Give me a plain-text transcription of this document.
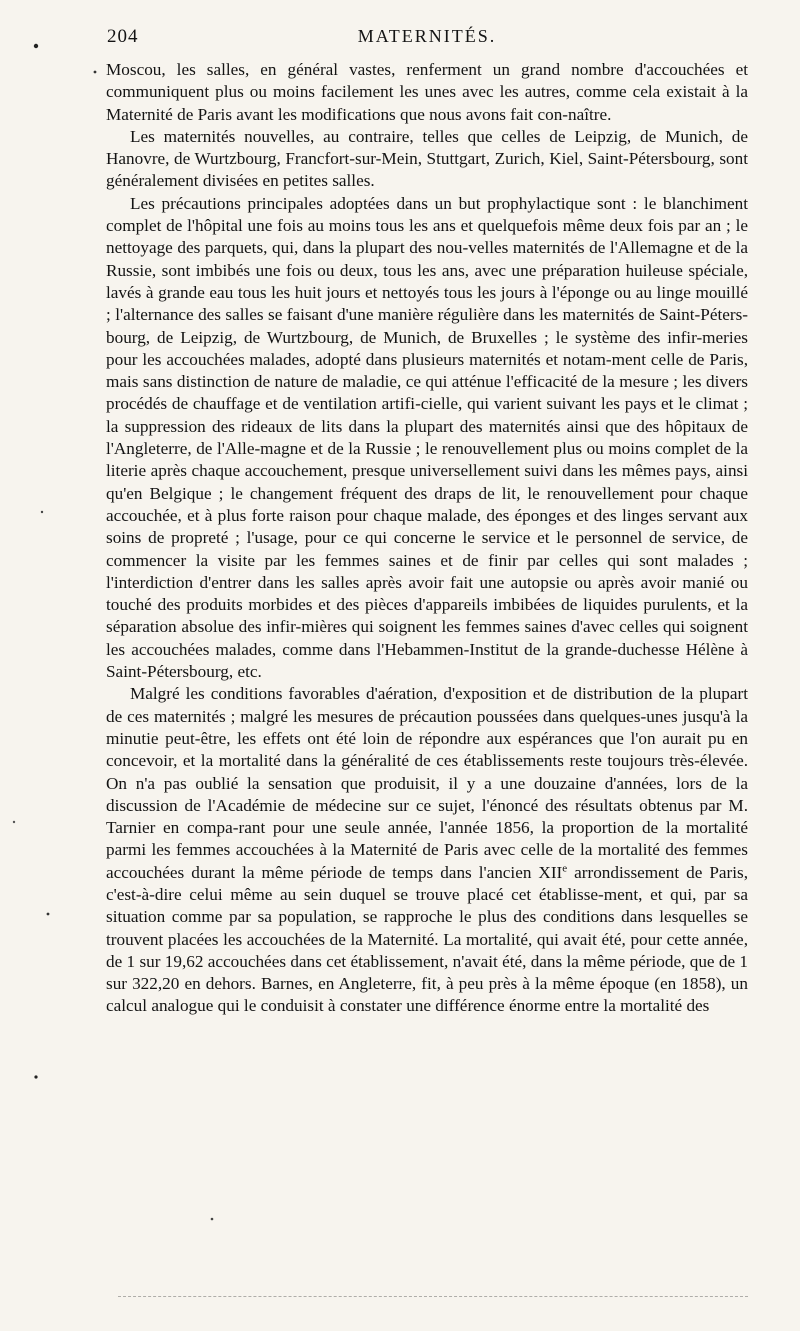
204	MATERNITÉS.

Moscou, les salles, en général vastes, renferment un grand nombre d'accouchées et communiquent plus ou moins facilement les unes avec les autres, comme cela existait à la Maternité de Paris avant les modifications que nous avons fait con-naître.

Les maternités nouvelles, au contraire, telles que celles de Leipzig, de Munich, de Hanovre, de Wurtzbourg, Francfort-sur-Mein, Stuttgart, Zurich, Kiel, Saint-Pétersbourg, sont généralement divisées en petites salles.

Les précautions principales adoptées dans un but prophylactique sont : le blanchiment complet de l'hôpital une fois au moins tous les ans et quelquefois même deux fois par an ; le nettoyage des parquets, qui, dans la plupart des nou-velles maternités de l'Allemagne et de la Russie, sont imbibés une fois ou deux, tous les ans, avec une préparation huileuse spéciale, lavés à grande eau tous les huit jours et nettoyés tous les jours à l'éponge ou au linge mouillé ; l'alternance des salles se faisant d'une manière régulière dans les maternités de Saint-Péters-bourg, de Leipzig, de Wurtzbourg, de Munich, de Bruxelles ; le système des infir-meries pour les accouchées malades, adopté dans plusieurs maternités et notam-ment celle de Paris, mais sans distinction de nature de maladie, ce qui atténue l'efficacité de la mesure ; les divers procédés de chauffage et de ventilation artifi-cielle, qui varient suivant les pays et le climat ; la suppression des rideaux de lits dans la plupart des maternités ainsi que des hôpitaux de l'Angleterre, de l'Alle-magne et de la Russie ; le renouvellement plus ou moins complet de la literie après chaque accouchement, presque universellement suivi dans les mêmes pays, ainsi qu'en Belgique ; le changement fréquent des draps de lit, le renouvellement pour chaque accouchée, et à plus forte raison pour chaque malade, des éponges et des linges servant aux soins de propreté ; l'usage, pour ce qui concerne le service et le personnel de service, de commencer la visite par les femmes saines et de finir par celles qui sont malades ; l'interdiction d'entrer dans les salles après avoir fait une autopsie ou après avoir manié ou touché des produits morbides et des pièces d'appareils imbibées de liquides purulents, et la séparation absolue des infir-mières qui soignent les femmes saines d'avec celles qui soignent les accouchées malades, comme dans l'Hebammen-Institut de la grande-duchesse Hélène à Saint-Pétersbourg, etc.

Malgré les conditions favorables d'aération, d'exposition et de distribution de la plupart de ces maternités ; malgré les mesures de précaution poussées dans quelques-unes jusqu'à la minutie peut-être, les effets ont été loin de répondre aux espérances que l'on aurait pu en concevoir, et la mortalité dans la généralité de ces établissements reste toujours très-élevée. On n'a pas oublié la sensation que produisit, il y a une douzaine d'années, lors de la discussion de l'Académie de médecine sur ce sujet, l'énoncé des résultats obtenus par M. Tarnier en compa-rant pour une seule année, l'année 1856, la proportion de la mortalité parmi les femmes accouchées à la Maternité de Paris avec celle de la mortalité des femmes accouchées durant la même période de temps dans l'ancien XIIe arrondissement de Paris, c'est-à-dire celui même au sein duquel se trouve placé cet établisse-ment, et qui, par sa situation comme par sa population, se rapproche le plus des conditions dans lesquelles se trouvent placées les accouchées de la Maternité. La mortalité, qui avait été, pour cette année, de 1 sur 19,62 accouchées dans cet établissement, n'avait été, dans la même période, que de 1 sur 322,20 en dehors. Barnes, en Angleterre, fit, à peu près à la même époque (en 1858), un calcul analogue qui le conduisit à constater une différence énorme entre la mortalité des
